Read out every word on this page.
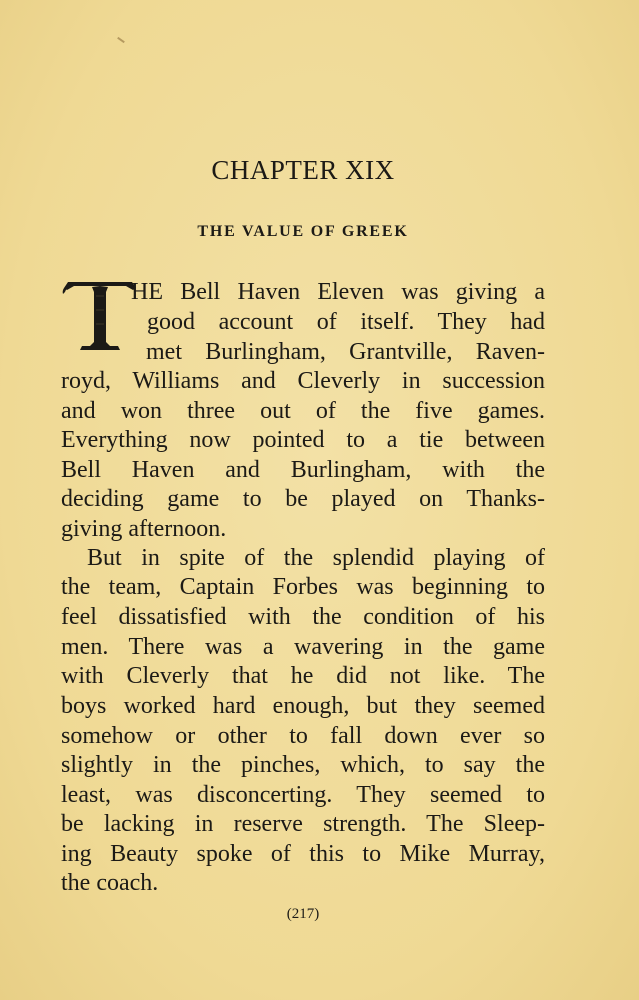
CHAPTER XIX
THE VALUE OF GREEK
HE Bell Haven Eleven was giving a
good account of itself. They had
met Burlingham, Grantville, Raven-
royd, Williams and Cleverly in succession
and won three out of the five games.
Everything now pointed to a tie between
Bell Haven and Burlingham, with the
deciding game to be played on Thanks-
giving afternoon.
But in spite of the splendid playing of
the team, Captain Forbes was beginning to
feel dissatisfied with the condition of his
men. There was a wavering in the game
with Cleverly that he did not like. The
boys worked hard enough, but they seemed
somehow or other to fall down ever so
slightly in the pinches, which, to say the
least, was disconcerting. They seemed to
be lacking in reserve strength. The Sleep-
ing Beauty spoke of this to Mike Murray,
the coach.
(217)
